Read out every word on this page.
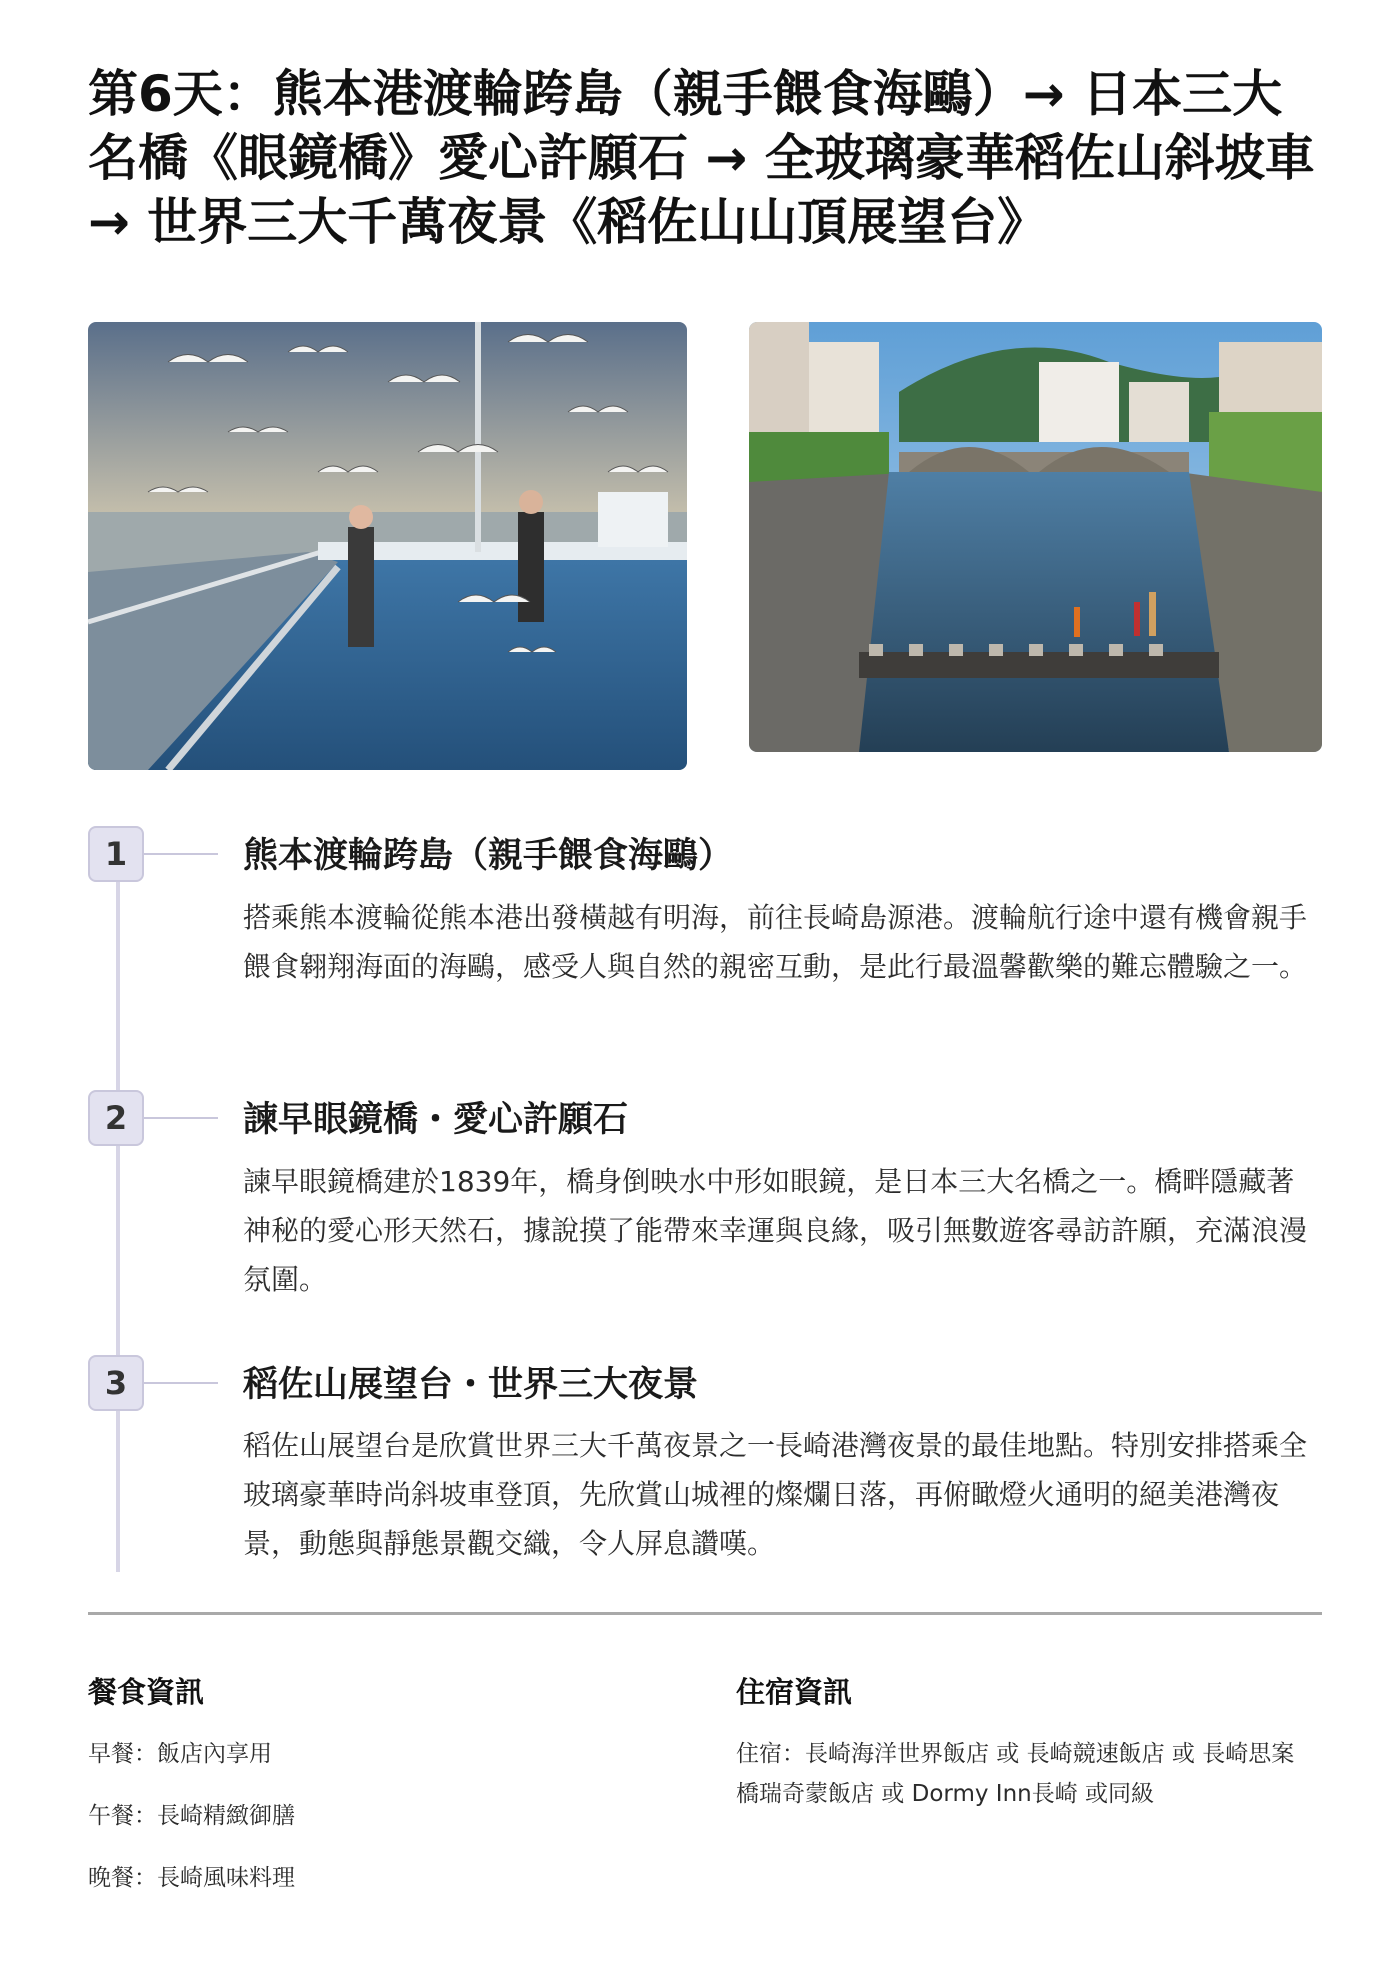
第6天：熊本港渡輪跨島（親手餵食海鷗）→ 日本三大名橋《眼鏡橋》愛心許願石 → 全玻璃豪華稻佐山斜坡車 → 世界三大千萬夜景《稻佐山山頂展望台》
1	熊本渡輪跨島（親手餵食海鷗）

搭乘熊本渡輪從熊本港出發橫越有明海，前往長崎島源港。渡輪航行途中還有機會親手餵食翱翔海面的海鷗，感受人與自然的親密互動，是此行最溫馨歡樂的難忘體驗之一。

2	諫早眼鏡橋・愛心許願石

諫早眼鏡橋建於1839年，橋身倒映水中形如眼鏡，是日本三大名橋之一。橋畔隱藏著神秘的愛心形天然石，據說摸了能帶來幸運與良緣，吸引無數遊客尋訪許願，充滿浪漫氛圍。

3	稻佐山展望台・世界三大夜景

稻佐山展望台是欣賞世界三大千萬夜景之一長崎港灣夜景的最佳地點。特別安排搭乘全玻璃豪華時尚斜坡車登頂，先欣賞山城裡的燦爛日落，再俯瞰燈火通明的絕美港灣夜景，動態與靜態景觀交織，令人屏息讚嘆。

餐食資訊

早餐：飯店內享用

午餐：長崎精緻御膳

晚餐：長崎風味料理

住宿資訊

住宿：長崎海洋世界飯店 或 長崎競速飯店 或 長崎思案橋瑞奇蒙飯店 或 Dormy Inn長崎 或同級
